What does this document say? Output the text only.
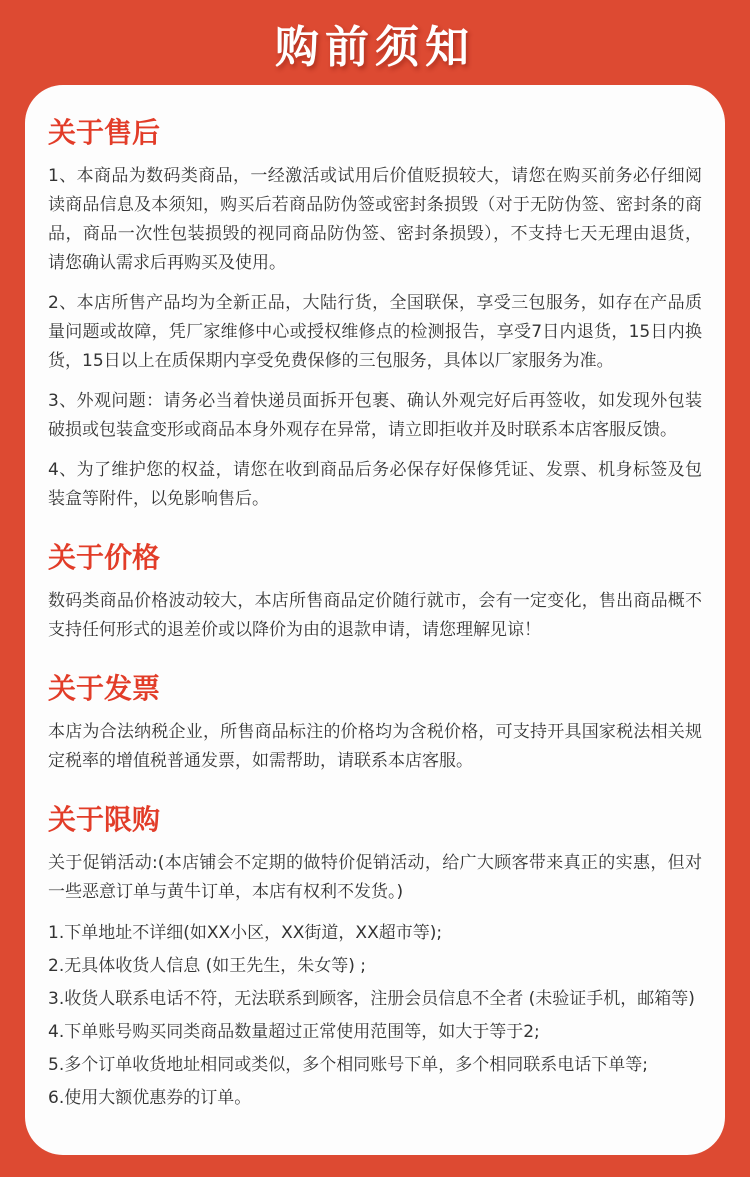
购前须知
关于售后

1、本商品为数码类商品，一经激活或试用后价值贬损较大，请您在购买前务必仔细阅读商品信息及本须知，购买后若商品防伪签或密封条损毁（对于无防伪签、密封条的商品，商品一次性包装损毁的视同商品防伪签、密封条损毁），不支持七天无理由退货，请您确认需求后再购买及使用。

2、本店所售产品均为全新正品，大陆行货，全国联保，享受三包服务，如存在产品质量问题或故障，凭厂家维修中心或授权维修点的检测报告，享受7日内退货，15日内换货，15日以上在质保期内享受免费保修的三包服务，具体以厂家服务为准。

3、外观问题：请务必当着快递员面拆开包裹、确认外观完好后再签收，如发现外包装破损或包装盒变形或商品本身外观存在异常，请立即拒收并及时联系本店客服反馈。

4、为了维护您的权益，请您在收到商品后务必保存好保修凭证、发票、机身标签及包装盒等附件，以免影响售后。

关于价格

数码类商品价格波动较大，本店所售商品定价随行就市，会有一定变化，售出商品概不支持任何形式的退差价或以降价为由的退款申请，请您理解见谅！

关于发票

本店为合法纳税企业，所售商品标注的价格均为含税价格，可支持开具国家税法相关规定税率的增值税普通发票，如需帮助，请联系本店客服。

关于限购

关于促销活动:(本店铺会不定期的做特价促销活动，给广大顾客带来真正的实惠，但对一些恶意订单与黄牛订单，本店有权利不发货。)

1.下单地址不详细(如XX小区，XX街道，XX超市等);

2.无具体收货人信息 (如王先生，朱女等) ;

3.收货人联系电话不符，无法联系到顾客，注册会员信息不全者 (未验证手机，邮箱等)

4.下单账号购买同类商品数量超过正常使用范围等，如大于等于2;

5.多个订单收货地址相同或类似，多个相同账号下单，多个相同联系电话下单等;

6.使用大额优惠券的订单。
